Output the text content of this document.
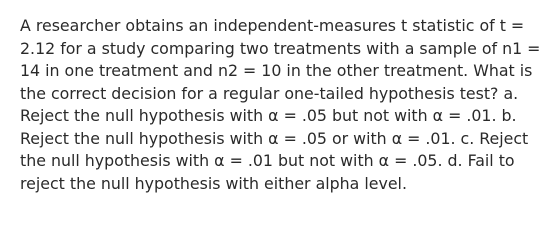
A researcher obtains an independent-measures t statistic of t = 2.12 for a study comparing two treatments with a sample of n1 = 14 in one treatment and n2 = 10 in the other treatment. What is the correct decision for a regular one-tailed hypothesis test? a. Reject the null hypothesis with α = .05 but not with α = .01. b. Reject the null hypothesis with α = .05 or with α = .01. c. Reject the null hypothesis with α = .01 but not with α = .05. d. Fail to reject the null hypothesis with either alpha level.
